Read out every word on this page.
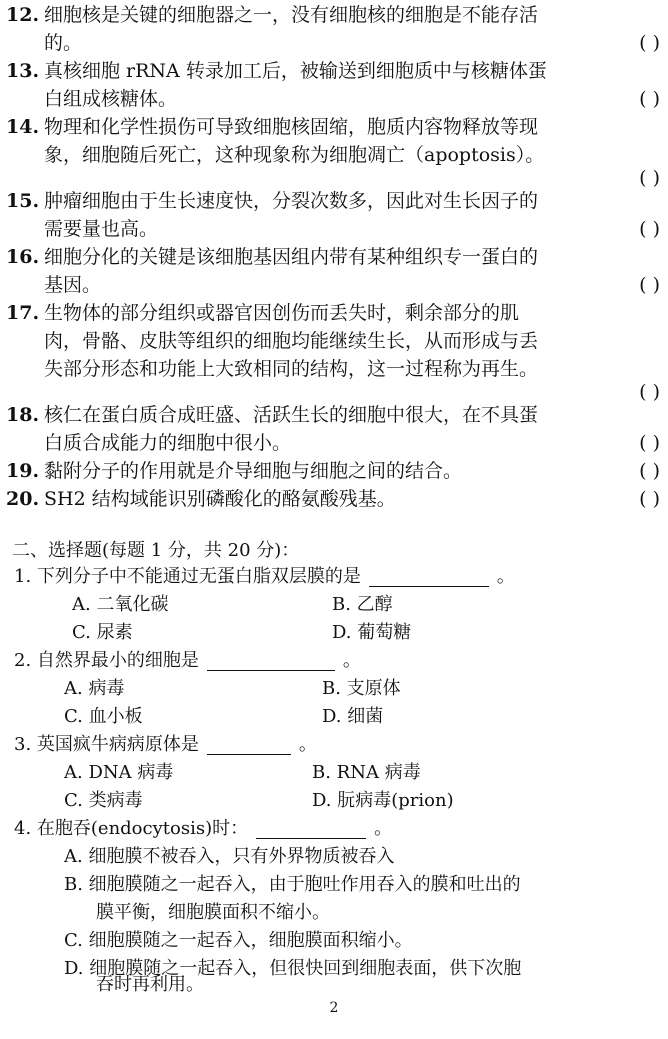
12. 细胞核是关键的细胞器之一，没有细胞核的细胞是不能存活
的。	( )
13. 真核细胞 rRNA 转录加工后，被输送到细胞质中与核糖体蛋
白组成核糖体。	( )
14. 物理和化学性损伤可导致细胞核固缩，胞质内容物释放等现
象，细胞随后死亡，这种现象称为细胞凋亡（apoptosis）。
( )
15. 肿瘤细胞由于生长速度快，分裂次数多，因此对生长因子的
需要量也高。	( )
16. 细胞分化的关键是该细胞基因组内带有某种组织专一蛋白的
基因。	( )
17. 生物体的部分组织或器官因创伤而丢失时，剩余部分的肌
肉，骨骼、皮肤等组织的细胞均能继续生长，从而形成与丢
失部分形态和功能上大致相同的结构，这一过程称为再生。
( )
18. 核仁在蛋白质合成旺盛、活跃生长的细胞中很大，在不具蛋
白质合成能力的细胞中很小。	( )
19. 黏附分子的作用就是介导细胞与细胞之间的结合。	( )
20. SH2 结构域能识别磷酸化的酪氨酸残基。	( )
二、选择题(每题 1 分，共 20 分)：
1. 下列分子中不能通过无蛋白脂双层膜的是	。
A. 二氧化碳	B. 乙醇
C. 尿素	D. 葡萄糖
2. 自然界最小的细胞是	。
A. 病毒	B. 支原体
C. 血小板	D. 细菌
3. 英国疯牛病病原体是	。
A. DNA 病毒	B. RNA 病毒
C. 类病毒	D. 朊病毒(prion)
4. 在胞吞(endocytosis)时：	。
A. 细胞膜不被吞入，只有外界物质被吞入
B. 细胞膜随之一起吞入，由于胞吐作用吞入的膜和吐出的
膜平衡，细胞膜面积不缩小。
C. 细胞膜随之一起吞入，细胞膜面积缩小。
D. 细胞膜随之一起吞入，但很快回到细胞表面，供下次胞
吞时再利用。
2
